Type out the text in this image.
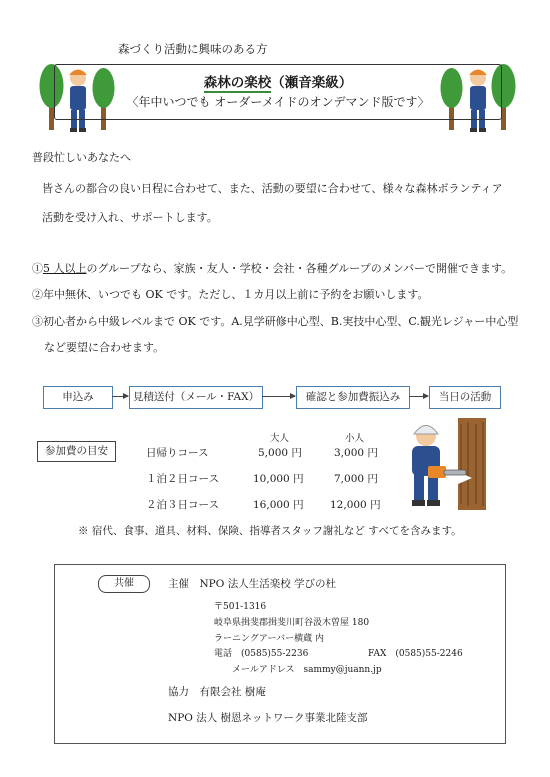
森づくり活動に興味のある方
森林の楽校（瀬音楽級）
〈年中いつでも オーダーメイドのオンデマンド版です〉
普段忙しいあなたへ
皆さんの都合の良い日程に合わせて、また、活動の要望に合わせて、様々な森林ボランティア
活動を受け入れ、サポートします。
①5 人以上のグループなら、家族・友人・学校・会社・各種グループのメンバーで開催できます。
②年中無休、いつでも OK です。ただし、１カ月以上前に予約をお願いします。
③初心者から中級レベルまで OK です。A.見学研修中心型、B.実技中心型、C.観光レジャー中心型
など要望に合わせます。
申込み	見積送付（メール・FAX）	確認と参加費振込み	当日の活動
参加費の目安
大人	小人
日帰りコース	5,000 円	3,000 円
１泊２日コース	10,000 円	7,000 円
２泊３日コース	16,000 円	12,000 円
※ 宿代、食事、道具、材料、保険、指導者スタッフ謝礼など すべてを含みます。
共催	主催　NPO 法人生活楽校 学びの杜
〒501-1316
岐阜県揖斐郡揖斐川町谷汲木曽屋 180
ラーニングアーバー横蔵 内
電話　(0585)55-2236	FAX　(0585)55-2246
メールアドレス　sammy@juann.jp
協力　有限会社 樹庵
NPO 法人 樹恩ネットワーク事業北陸支部
